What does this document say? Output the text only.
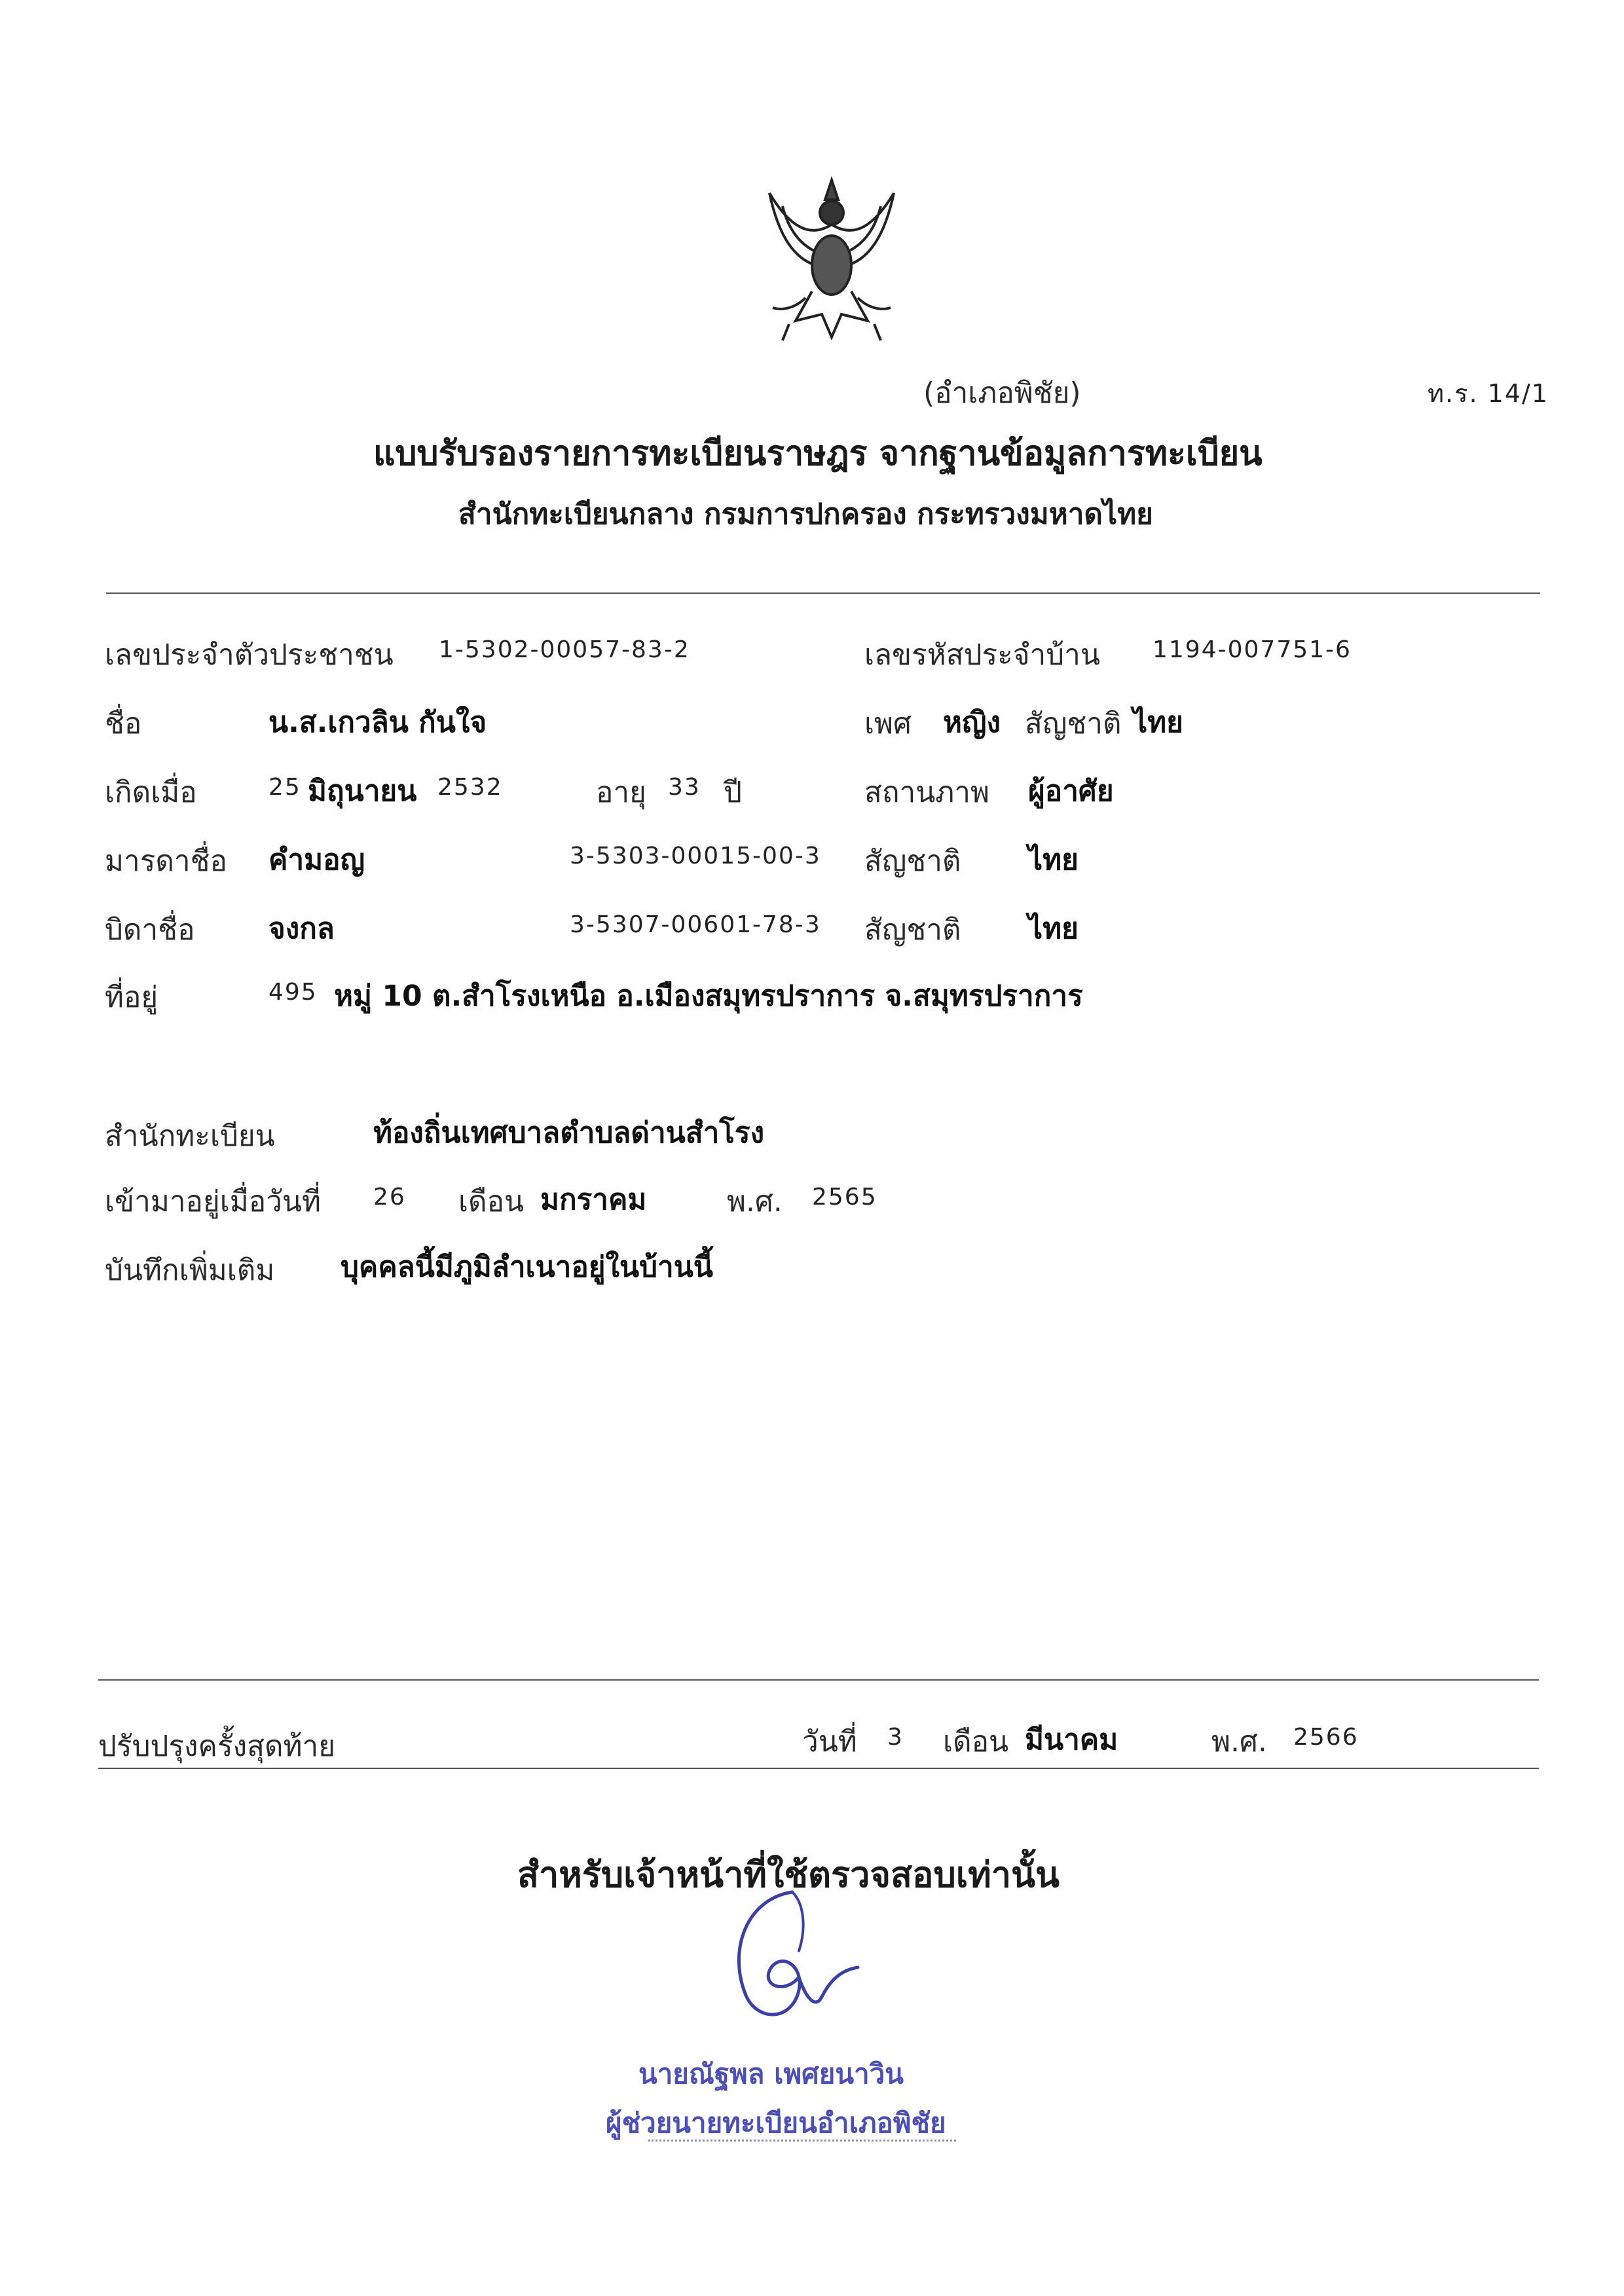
(อำเภอพิชัย)	ท.ร. 14/1
แบบรับรองรายการทะเบียนราษฎร จากฐานข้อมูลการทะเบียน
สำนักทะเบียนกลาง กรมการปกครอง กระทรวงมหาดไทย
เลขประจำตัวประชาชน 1-5302-00057-83-2	เลขรหัสประจำบ้าน 1194-007751-6
ชื่อ	น.ส.เกวลิน กันใจ	เพศ หญิง สัญชาติ ไทย
เกิดเมื่อ	25 มิถุนายน 2532	อายุ 33 ปี	สถานภาพ ผู้อาศัย
มารดาชื่อ คำมอญ	3-5303-00015-00-3 สัญชาติ ไทย
บิดาชื่อ	จงกล	3-5307-00601-78-3 สัญชาติ ไทย
ที่อยู่	495 หมู่ 10 ต.สำโรงเหนือ อ.เมืองสมุทรปราการ จ.สมุทรปราการ
สำนักทะเบียน	ท้องถิ่นเทศบาลตำบลด่านสำโรง
เข้ามาอยู่เมื่อวันที่ 26 เดือน มกราคม	พ.ศ. 2565
บันทึกเพิ่มเติม บุคคลนี้มีภูมิลำเนาอยู่ในบ้านนี้
ปรับปรุงครั้งสุดท้าย	วันที่ 3 เดือน มีนาคม	พ.ศ. 2566
สำหรับเจ้าหน้าที่ใช้ตรวจสอบเท่านั้น
นายณัฐพล เพศยนาวิน
ผู้ช่วยนายทะเบียนอำเภอพิชัย
